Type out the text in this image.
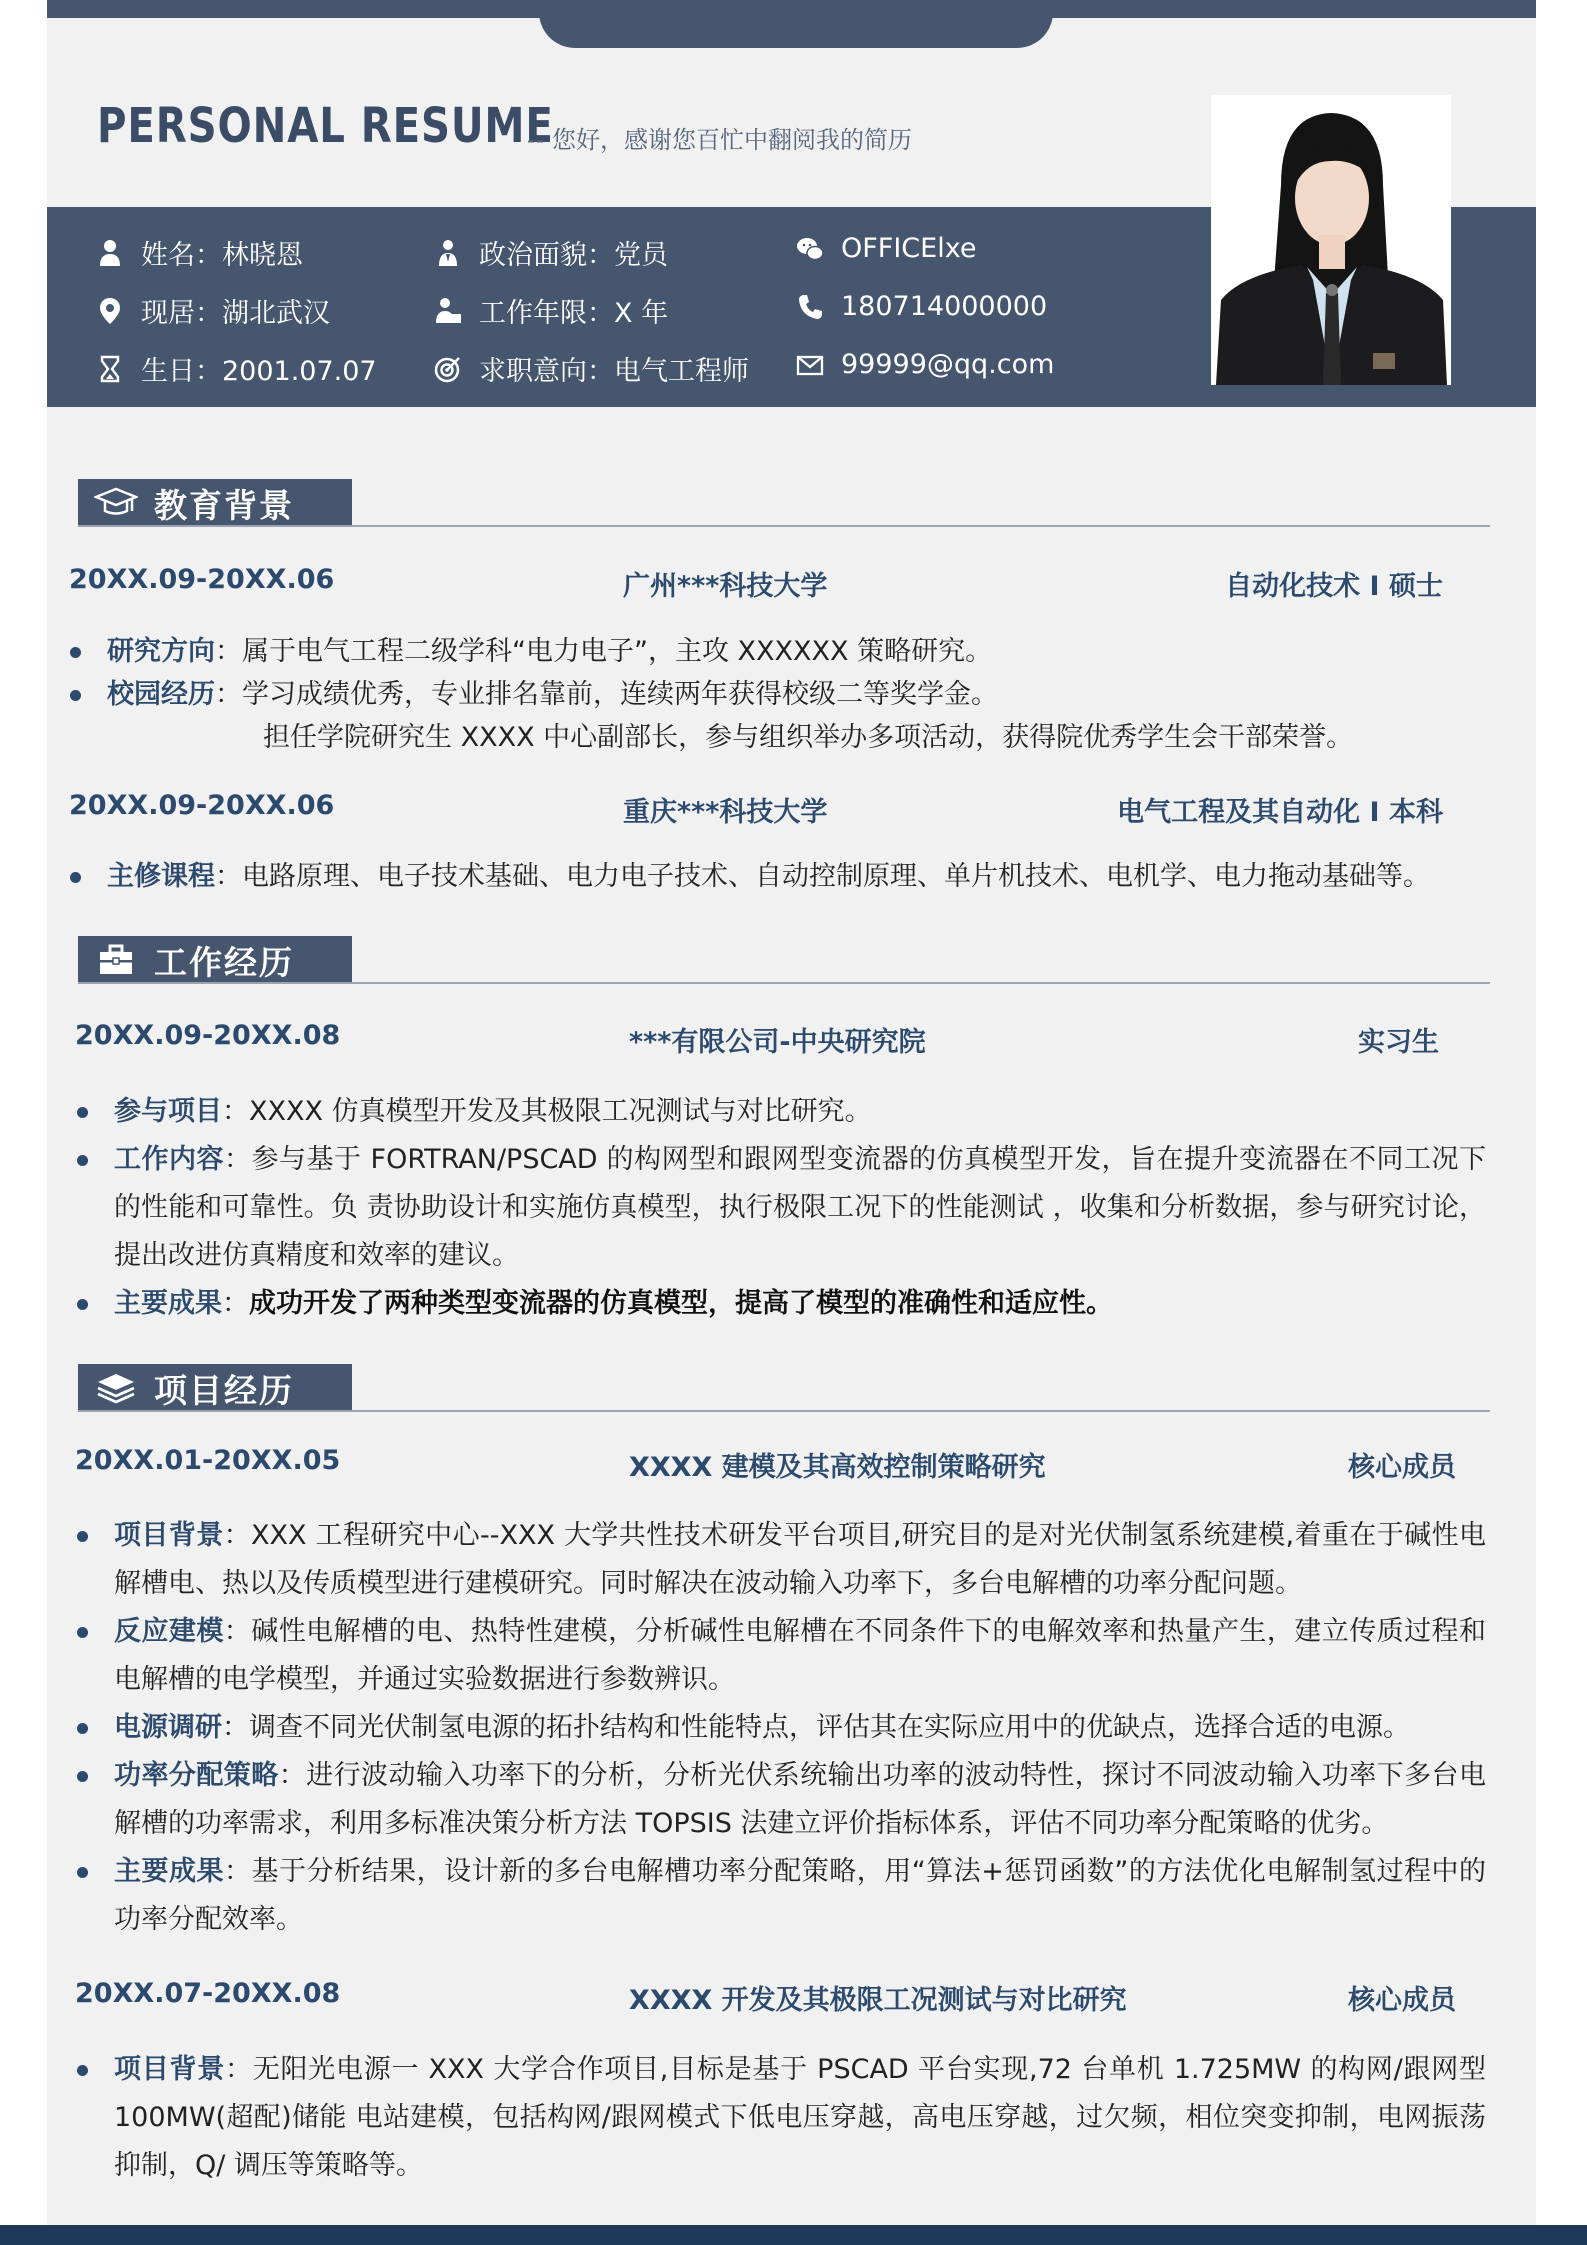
PERSONAL RESUME
-- 您好，感谢您百忙中翻阅我的简历
姓名：林晓恩
现居：湖北武汉
生日：2001.07.07
政治面貌：党员
工作年限：X 年
求职意向：电气工程师
OFFICElxe
180714000000
99999@qq.com
教育背景
20XX.09-20XX.06	广州***科技大学	自动化技术 Ⅰ 硕士
研究方向：属于电气工程二级学科“电力电子”，主攻 XXXXXX 策略研究。
校园经历：学习成绩优秀，专业排名靠前，连续两年获得校级二等奖学金。
担任学院研究生 XXXX 中心副部长，参与组织举办多项活动，获得院优秀学生会干部荣誉。
20XX.09-20XX.06	重庆***科技大学	电气工程及其自动化 Ⅰ 本科
主修课程：电路原理、电子技术基础、电力电子技术、自动控制原理、单片机技术、电机学、电力拖动基础等。
工作经历
20XX.09-20XX.08	***有限公司-中央研究院	实习生
参与项目：XXXX 仿真模型开发及其极限工况测试与对比研究。
工作内容：参与基于 FORTRAN/PSCAD 的构网型和跟网型变流器的仿真模型开发，旨在提升变流器在不同工况下的性能和可靠性。负 责协助设计和实施仿真模型，执行极限工况下的性能测试 ，收集和分析数据，参与研究讨论，提出改进仿真精度和效率的建议。
主要成果：成功开发了两种类型变流器的仿真模型，提高了模型的准确性和适应性。
项目经历
20XX.01-20XX.05	XXXX 建模及其高效控制策略研究	核心成员
项目背景：XXX 工程研究中心--XXX 大学共性技术研发平台项目,研究目的是对光伏制氢系统建模,着重在于碱性电解槽电、热以及传质模型进行建模研究。同时解决在波动输入功率下，多台电解槽的功率分配问题。
反应建模：碱性电解槽的电、热特性建模，分析碱性电解槽在不同条件下的电解效率和热量产生，建立传质过程和电解槽的电学模型，并通过实验数据进行参数辨识。
电源调研：调查不同光伏制氢电源的拓扑结构和性能特点，评估其在实际应用中的优缺点，选择合适的电源。
功率分配策略：进行波动输入功率下的分析，分析光伏系统输出功率的波动特性，探讨不同波动输入功率下多台电解槽的功率需求，利用多标准决策分析方法 TOPSIS 法建立评价指标体系，评估不同功率分配策略的优劣。
主要成果：基于分析结果，设计新的多台电解槽功率分配策略，用“算法+惩罚函数”的方法优化电解制氢过程中的功率分配效率。
20XX.07-20XX.08	XXXX 开发及其极限工况测试与对比研究	核心成员
项目背景：无阳光电源一 XXX 大学合作项目,目标是基于 PSCAD 平台实现,72 台单机 1.725MW 的构网/跟网型 100MW(超配)储能 电站建模，包括构网/跟网模式下低电压穿越，高电压穿越，过欠频，相位突变抑制，电网振荡抑制，Q/ 调压等策略等。
